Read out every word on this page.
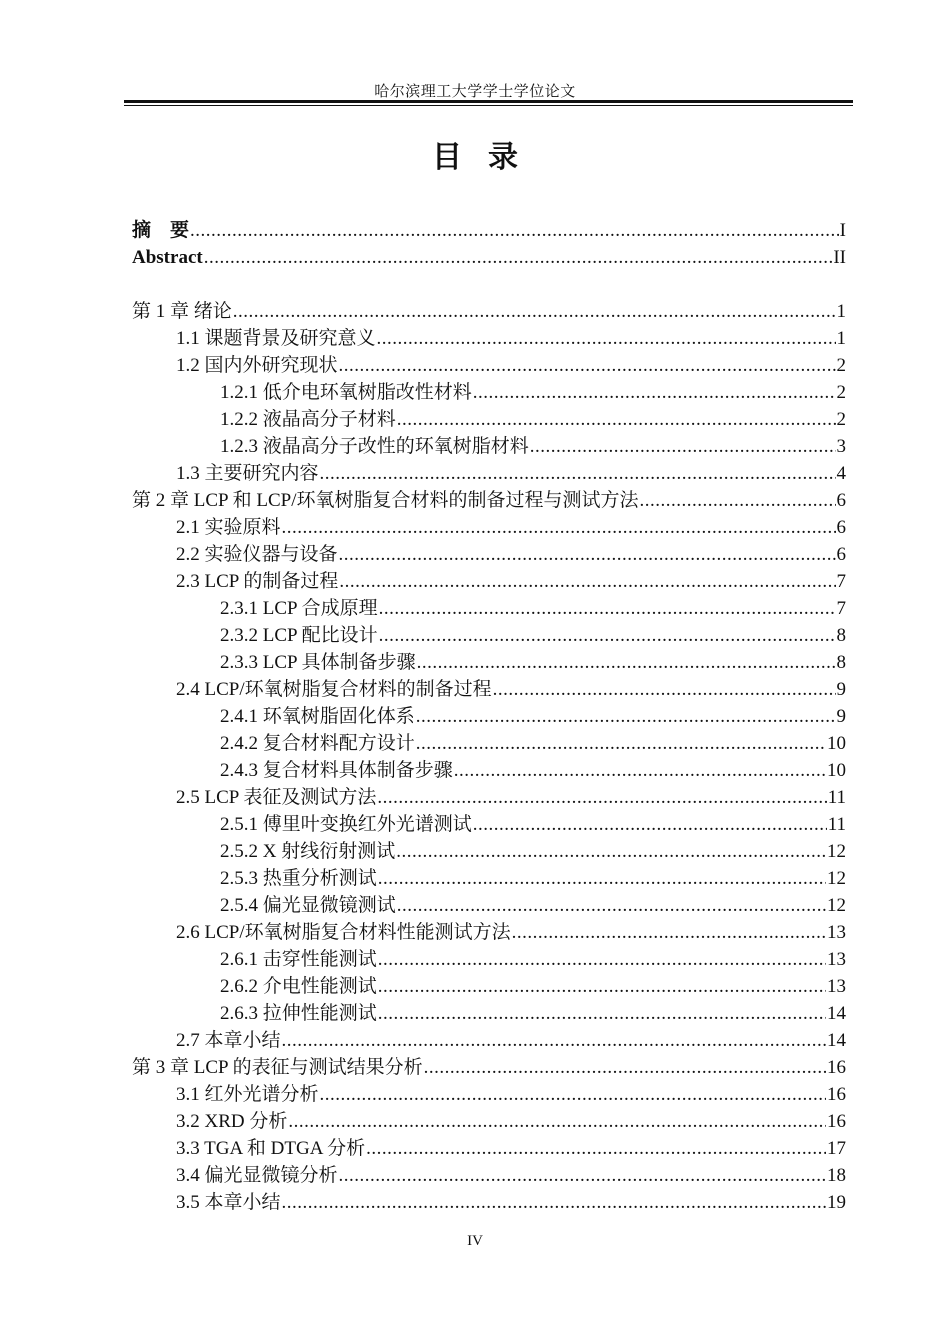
哈尔滨理工大学学士学位论文
目录
摘　要 .....	I
Abstract .....	II
第 1 章 绪论 .....	1
1.1 课题背景及研究意义 .....	1
1.2 国内外研究现状 .....	2
1.2.1 低介电环氧树脂改性材料 .....	2
1.2.2 液晶高分子材料 .....	2
1.2.3 液晶高分子改性的环氧树脂材料 .....	3
1.3 主要研究内容 .....	4
第 2 章 LCP 和 LCP/环氧树脂复合材料的制备过程与测试方法 .....	6
2.1 实验原料 .....	6
2.2 实验仪器与设备 .....	6
2.3 LCP 的制备过程 .....	7
2.3.1 LCP 合成原理 .....	7
2.3.2 LCP 配比设计 .....	8
2.3.3 LCP 具体制备步骤 .....	8
2.4 LCP/环氧树脂复合材料的制备过程 .....	9
2.4.1 环氧树脂固化体系 .....	9
2.4.2 复合材料配方设计 .....	10
2.4.3 复合材料具体制备步骤 .....	10
2.5 LCP 表征及测试方法 .....	11
2.5.1 傅里叶变换红外光谱测试 .....	11
2.5.2 X 射线衍射测试 .....	12
2.5.3 热重分析测试 .....	12
2.5.4 偏光显微镜测试 .....	12
2.6 LCP/环氧树脂复合材料性能测试方法 .....	13
2.6.1 击穿性能测试 .....	13
2.6.2 介电性能测试 .....	13
2.6.3 拉伸性能测试 .....	14
2.7 本章小结 .....	14
第 3 章 LCP 的表征与测试结果分析 .....	16
3.1 红外光谱分析 .....	16
3.2 XRD 分析 .....	16
3.3 TGA 和 DTGA 分析 .....	17
3.4 偏光显微镜分析 .....	18
3.5 本章小结 .....	19
IV
